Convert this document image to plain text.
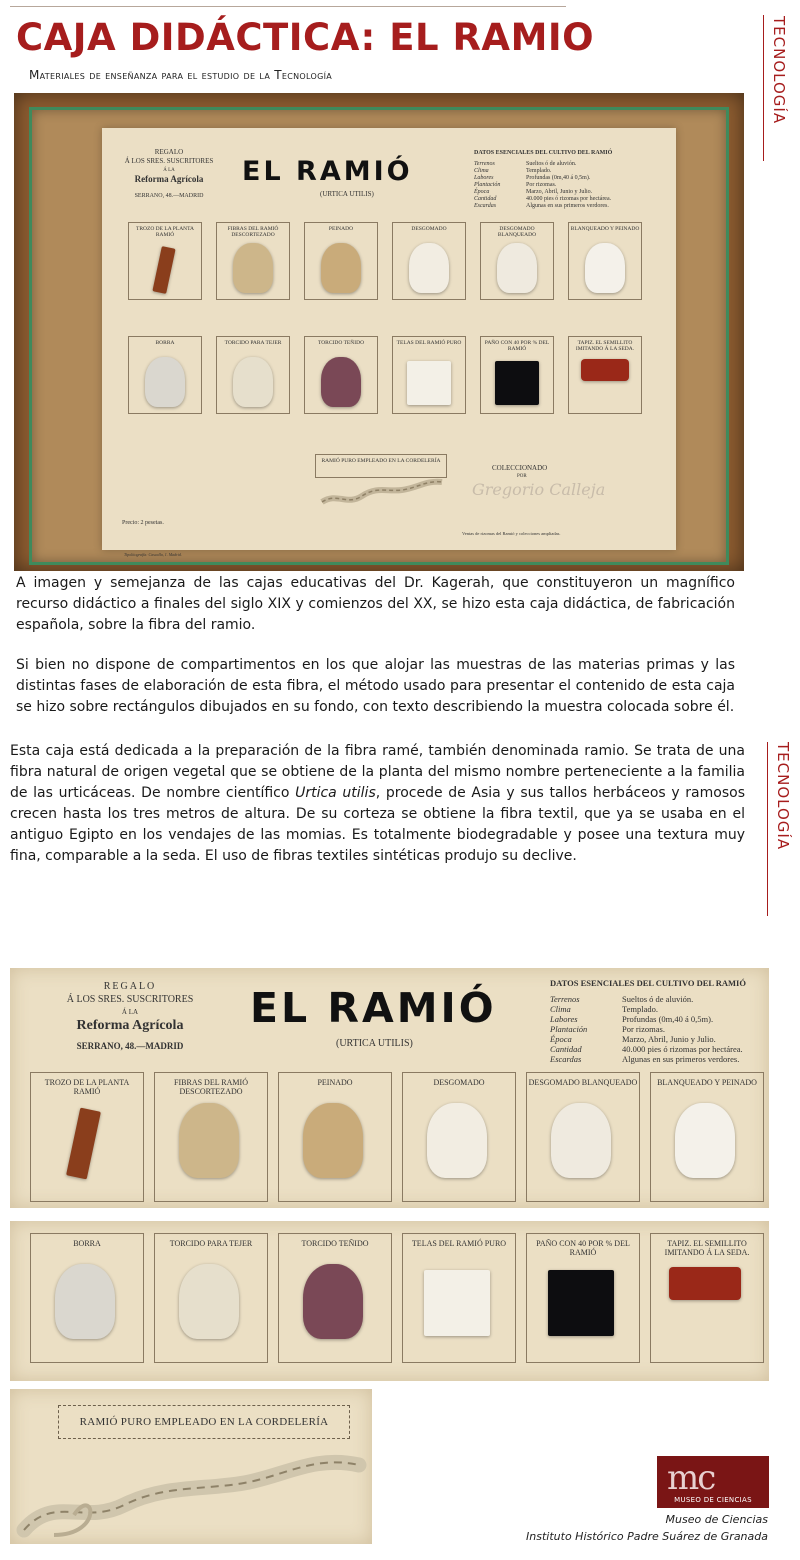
CAJA DIDÁCTICA: EL RAMIO

Materiales de enseñanza para el estudio de la Tecnología	TECNOLOGÍA
TECNOLOGÍA
REGALO
Á LOS SRES. SUSCRITORES
Á LA
Reforma Agrícola
SERRANO, 48.—MADRID
EL RAMIÓ
(URTICA UTILIS)
DATOS ESENCIALES DEL CULTIVO DEL RAMIÓ
Terrenos	Sueltos ó de aluvión.
Clima	Templado.
Labores	Profundas (0m,40 á 0,5m).
Plantación	Por rizomas.
Época	Marzo, Abril, Junio y Julio.
Cantidad	40.000 pies ó rizomas por hectárea.
Escardas	Algunas en sus primeros verdores.
TROZO DE LA PLANTA RAMIÓ
FIBRAS DEL RAMIÓ DESCORTEZADO
PEINADO	DESGOMADO	DESGOMADO BLANQUEADO
BLANQUEADO Y PEINADO
BORRA	TORCIDO PARA TEJER	TORCIDO TEÑIDO	TELAS DEL RAMIÓ PURO	PAÑO CON 40 POR % DEL RAMIÓ
TAPIZ. EL SEMILLITO IMITANDO Á LA SEDA.
RAMIÓ PURO EMPLEADO EN LA CORDELERÍA
COLECCIONADO
POR
Gregorio Calleja
Precio: 2 pesetas.
Tipolitografía: Cascalla, 1. Madrid.
Ventas de rizomas del Ramió y colecciones ampliadas.

A imagen y semejanza de las cajas educativas del Dr. Kagerah, que constituyeron un magnífico recurso didáctico a finales del siglo XIX y comienzos del XX, se hizo esta caja didáctica, de fabricación española, sobre la fibra del ramio.

Si bien no dispone de compartimentos en los que alojar las muestras de las materias primas y las distintas fases de elaboración de esta fibra, el método usado para presentar el contenido de esta caja se hizo sobre rectángulos dibujados en su fondo, con texto describiendo la muestra colocada sobre él.

Esta caja está dedicada a la preparación de la fibra ramé, también denominada ramio. Se trata de una fibra natural de origen vegetal que se obtiene de la planta del mismo nombre perteneciente a la familia de las urticáceas. De nombre científico Urtica utilis, procede de Asia y sus tallos herbáceos y ramosos crecen hasta los tres metros de altura. De su corteza se obtiene la fibra textil, que ya se usaba en el antiguo Egipto en los vendajes de las momias. Es totalmente biodegradable y posee una textura muy fina, comparable a la seda. El uso de fibras textiles sintéticas produjo su declive.

REGALO
Á LOS SRES. SUSCRITORES
Á LA
Reforma Agrícola
SERRANO, 48.—MADRID
EL RAMIÓ
(URTICA UTILIS)
DATOS ESENCIALES DEL CULTIVO DEL RAMIÓ
Terrenos	Sueltos ó de aluvión.
Clima	Templado.
Labores	Profundas (0m,40 á 0,5m).
Plantación	Por rizomas.
Época	Marzo, Abril, Junio y Julio.
Cantidad	40.000 pies ó rizomas por hectárea.
Escardas	Algunas en sus primeros verdores.
TROZO DE LA PLANTA RAMIÓ
FIBRAS DEL RAMIÓ DESCORTEZADO
PEINADO	DESGOMADO	DESGOMADO BLANQUEADO	BLANQUEADO Y PEINADO
BORRA	TORCIDO PARA TEJER	TORCIDO TEÑIDO	TELAS DEL RAMIÓ PURO	PAÑO CON 40 POR % DEL RAMIÓ
TAPIZ. EL SEMILLITO IMITANDO Á LA SEDA.
RAMIÓ PURO EMPLEADO EN LA CORDELERÍA
mc
MUSEO DE CIENCIAS
Museo de Ciencias
Instituto Histórico Padre Suárez de Granada
